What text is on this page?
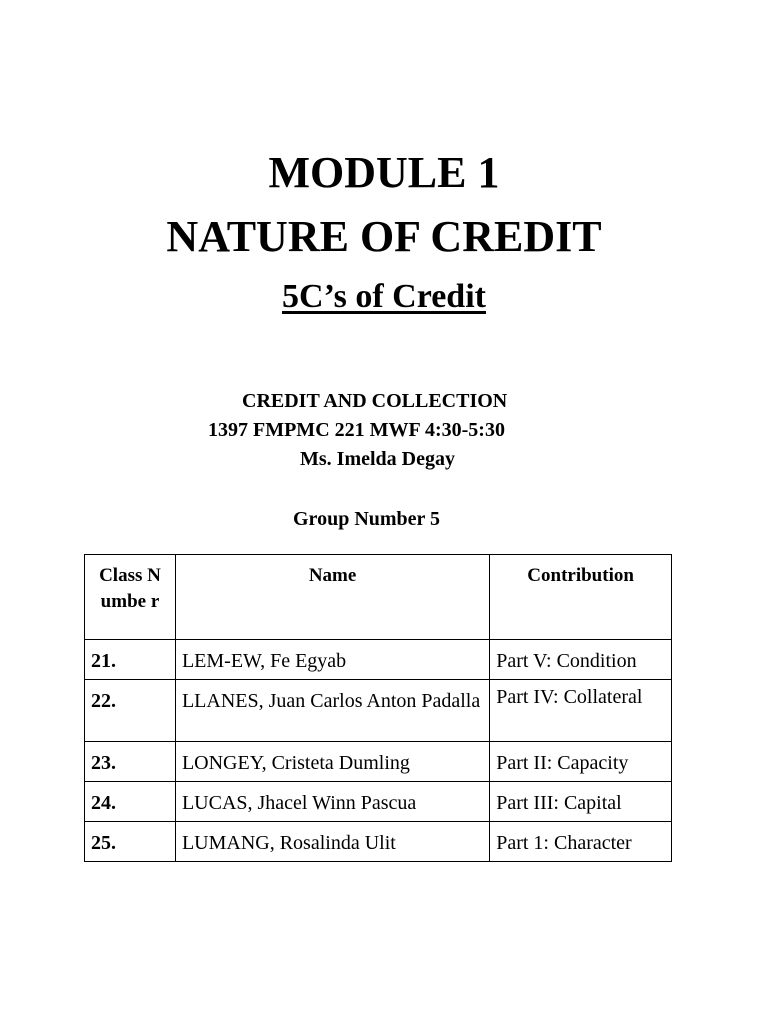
MODULE 1
NATURE OF CREDIT
5C’s of Credit
CREDIT AND COLLECTION
1397 FMPMC 221 MWF 4:30-5:30
Ms. Imelda Degay
Group Number 5
Class Numbe r	Name	Contribution

21.	LEM-EW, Fe Egyab	Part V: Condition

22.	LLANES, Juan Carlos Anton Padalla	Part IV: Collateral

23.	LONGEY, Cristeta Dumling	Part II: Capacity

24.	LUCAS, Jhacel Winn Pascua	Part III: Capital

25.	LUMANG, Rosalinda Ulit	Part 1: Character
